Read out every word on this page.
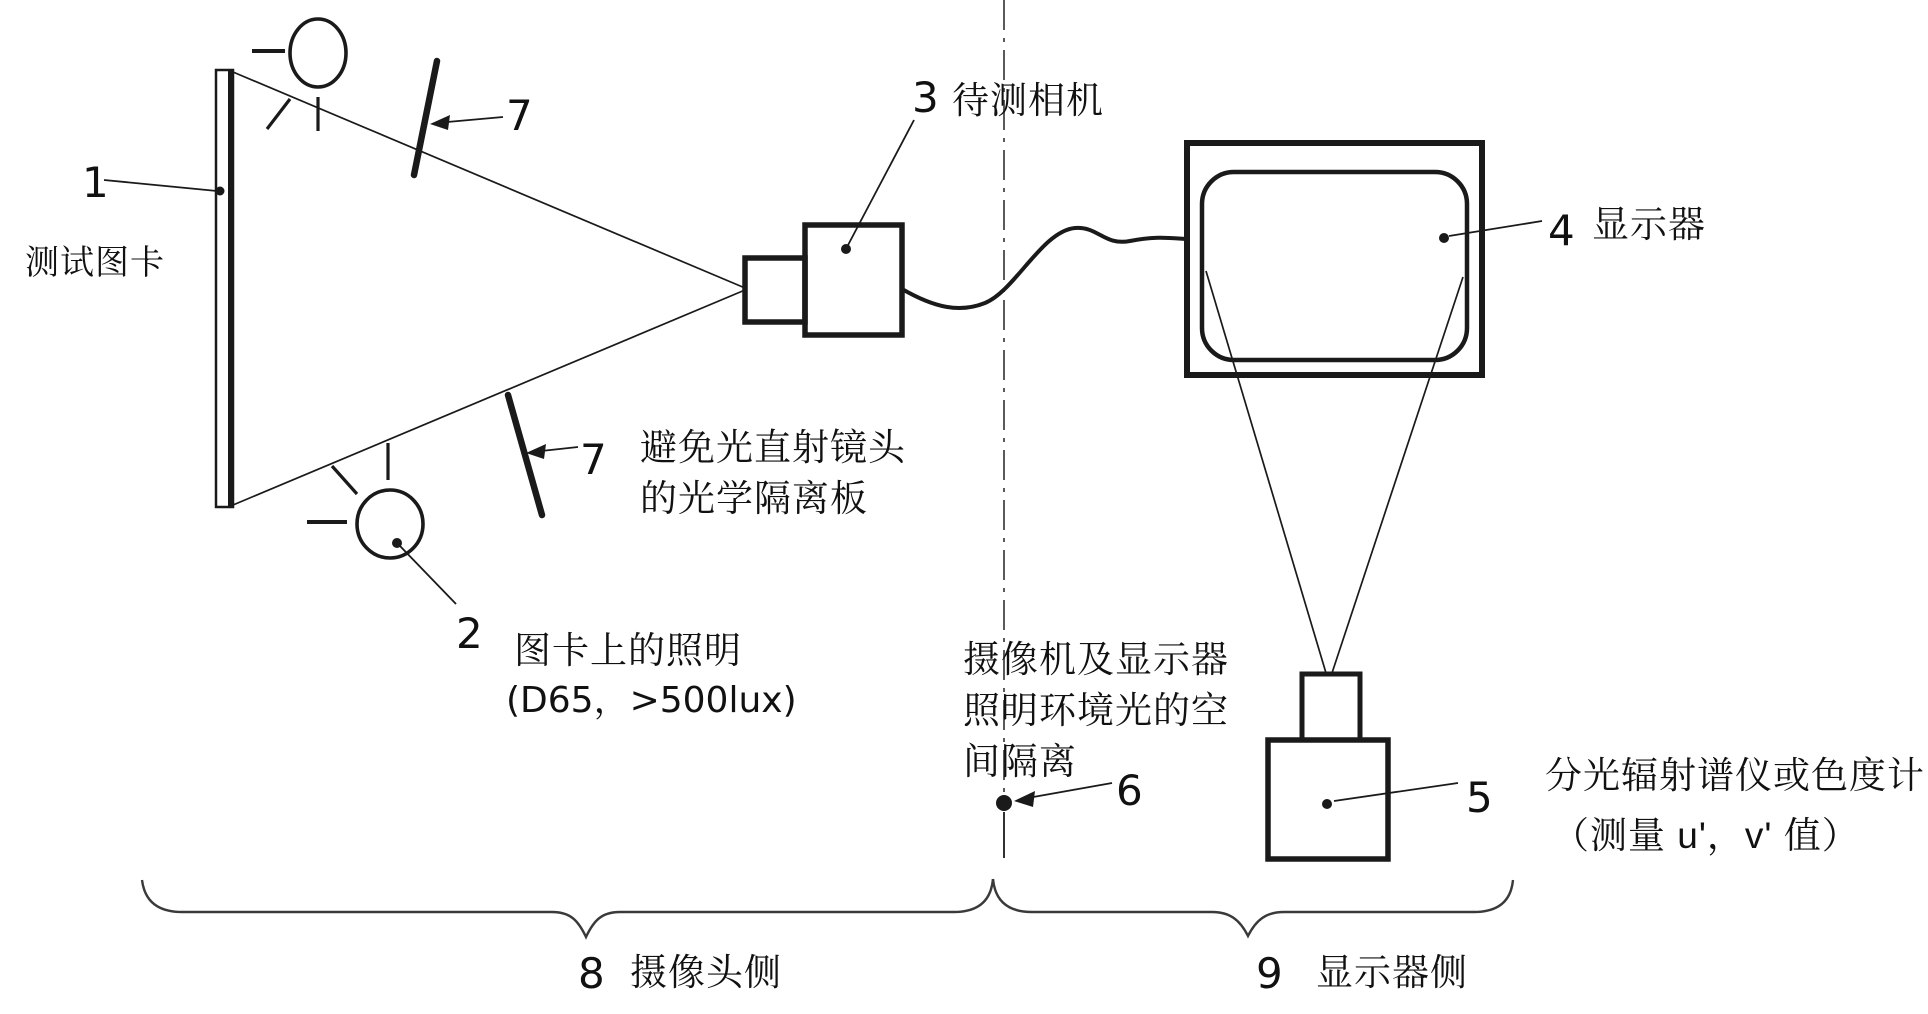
1
测试图卡
2 图卡上的照明
(D65，>500lux)
3 待测相机
4 显示器
5 分光辐射谱仪或色度计
（测量 u'，v' 值）
6
摄像机及显示器
照明环境光的空
间隔离
7
7 避免光直射镜头
的光学隔离板
8 摄像头侧	9 显示器侧
